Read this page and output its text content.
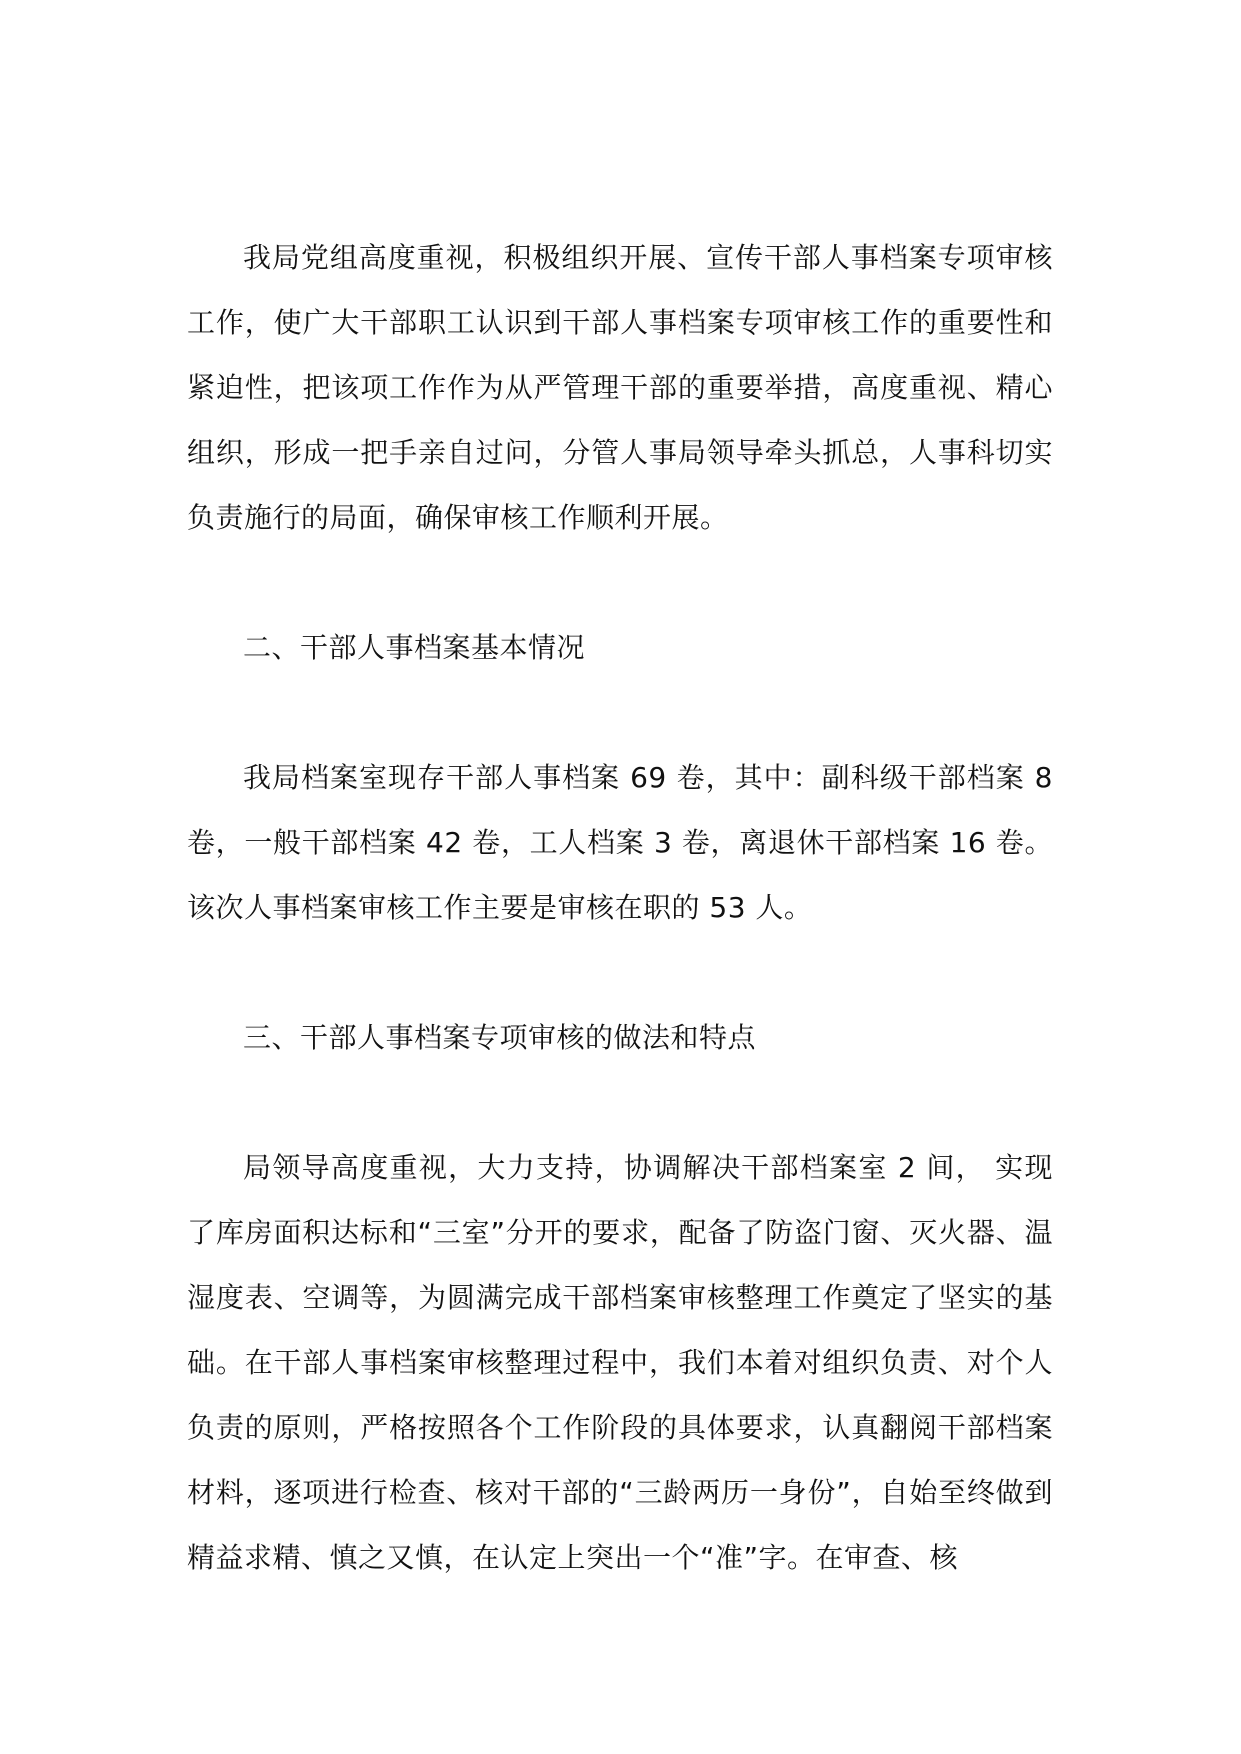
我局党组高度重视，积极组织开展、宣传干部人事档案专项审核工作，使广大干部职工认识到干部人事档案专项审核工作的重要性和紧迫性，把该项工作作为从严管理干部的重要举措，高度重视、精心组织，形成一把手亲自过问，分管人事局领导牵头抓总，人事科切实负责施行的局面，确保审核工作顺利开展。

二、干部人事档案基本情况

我局档案室现存干部人事档案 69 卷，其中：副科级干部档案 8 卷，一般干部档案 42 卷，工人档案 3 卷，离退休干部档案 16 卷。该次人事档案审核工作主要是审核在职的 53 人。

三、干部人事档案专项审核的做法和特点

局领导高度重视，大力支持，协调解决干部档案室 2 间， 实现了库房面积达标和“三室”分开的要求，配备了防盗门窗、灭火器、温湿度表、空调等，为圆满完成干部档案审核整理工作奠定了坚实的基础。在干部人事档案审核整理过程中，我们本着对组织负责、对个人负责的原则，严格按照各个工作阶段的具体要求，认真翻阅干部档案材料，逐项进行检查、核对干部的“三龄两历一身份”，自始至终做到精益求精、慎之又慎，在认定上突出一个“准”字。在审查、核
